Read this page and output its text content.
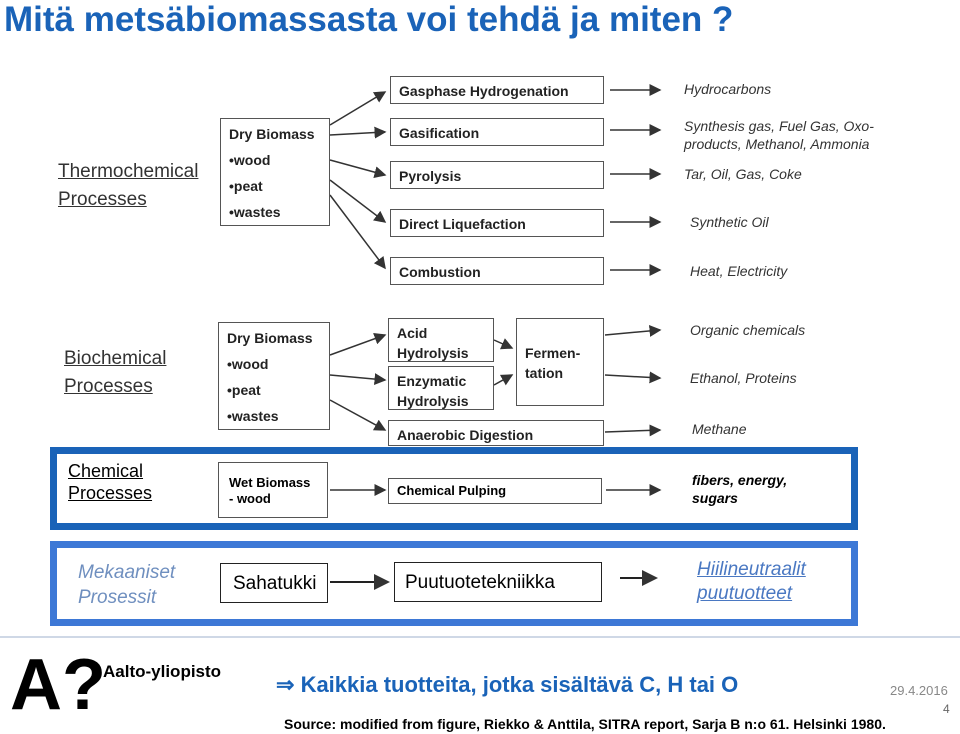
Mitä metsäbiomassasta voi tehdä ja miten ?
Thermochemical
Processes
Dry Biomass
•wood
•peat
•wastes
Gasphase Hydrogenation
Gasification
Pyrolysis
Direct Liquefaction
Combustion
Hydrocarbons
Synthesis gas, Fuel Gas, Oxo-products, Methanol, Ammonia
Tar, Oil, Gas, Coke
Synthetic Oil
Heat, Electricity
Biochemical
Processes
Dry Biomass
•wood
•peat
•wastes
Acid Hydrolysis
Enzymatic Hydrolysis
Anaerobic Digestion
Fermen-tation
Organic chemicals
Ethanol, Proteins
Methane
Chemical
Processes
Wet Biomass
- wood
Chemical Pulping
fibers, energy, sugars
Mekaaniset
Prosessit
Sahatukki	Puutuotetekniikka
Hiilineutraalit puutuotteet
A?
Aalto-yliopisto
⇒ Kaikkia tuotteita, jotka sisältävä C, H tai O	29.4.2016
4
Source: modified from figure, Riekko & Anttila, SITRA report, Sarja B n:o 61. Helsinki 1980.
